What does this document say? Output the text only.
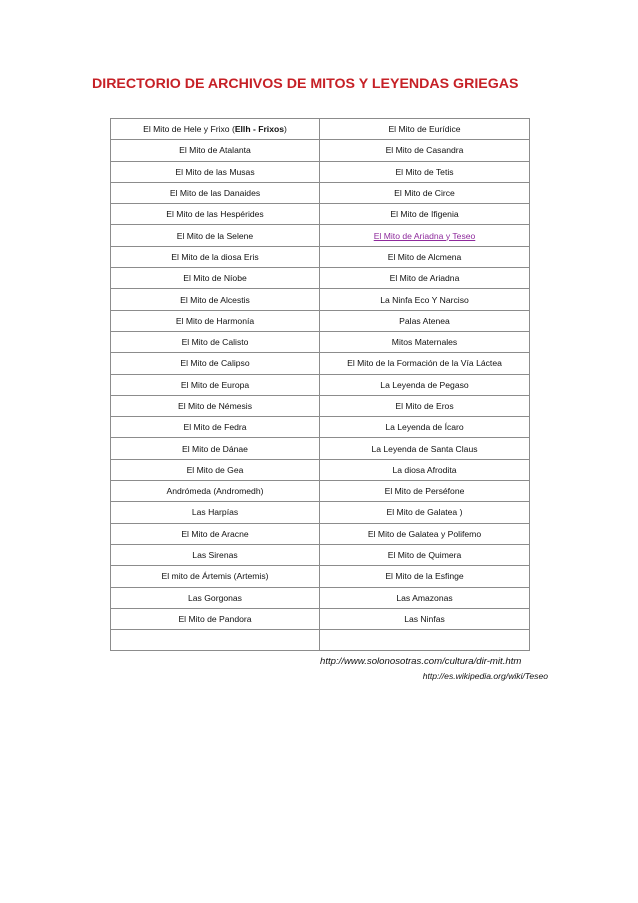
DIRECTORIO DE ARCHIVOS DE MITOS Y LEYENDAS GRIEGAS
El Mito de Hele y Frixo (Ellh - Frixos)	El Mito de Eurídice
El Mito de Atalanta	El Mito de Casandra
El Mito de las Musas	El Mito de Tetis
El Mito de las Danaides	El Mito de Circe
El Mito de las Hespérides	El Mito de Ifigenia
El Mito de la Selene	El Mito de Ariadna y Teseo
El Mito de la diosa Eris	El Mito de Alcmena
El Mito de Níobe	El Mito de Ariadna
El Mito de Alcestis	La Ninfa Eco Y Narciso
El Mito de Harmonía	Palas Atenea
El Mito de Calisto	Mitos Maternales
El Mito de Calipso	El Mito de la Formación de la Vía Láctea
El Mito de Europa	La Leyenda de Pegaso
El Mito de Némesis	El Mito de Eros
El Mito de Fedra	La Leyenda de Ícaro
El Mito de Dánae	La Leyenda de Santa Claus
El Mito de Gea	La diosa Afrodita
Andrómeda (Andromedh)	El Mito de Perséfone
Las Harpías	El Mito de Galatea )
El Mito de Aracne	El Mito de Galatea y Polifemo
Las Sirenas	El Mito de Quimera
El mito de Ártemis (Artemis)	El Mito de la Esfinge
Las Gorgonas	Las Amazonas
El Mito de Pandora	Las Ninfas

http://www.solonosotras.com/cultura/dir-mit.htm
http://es.wikipedia.org/wiki/Teseo
